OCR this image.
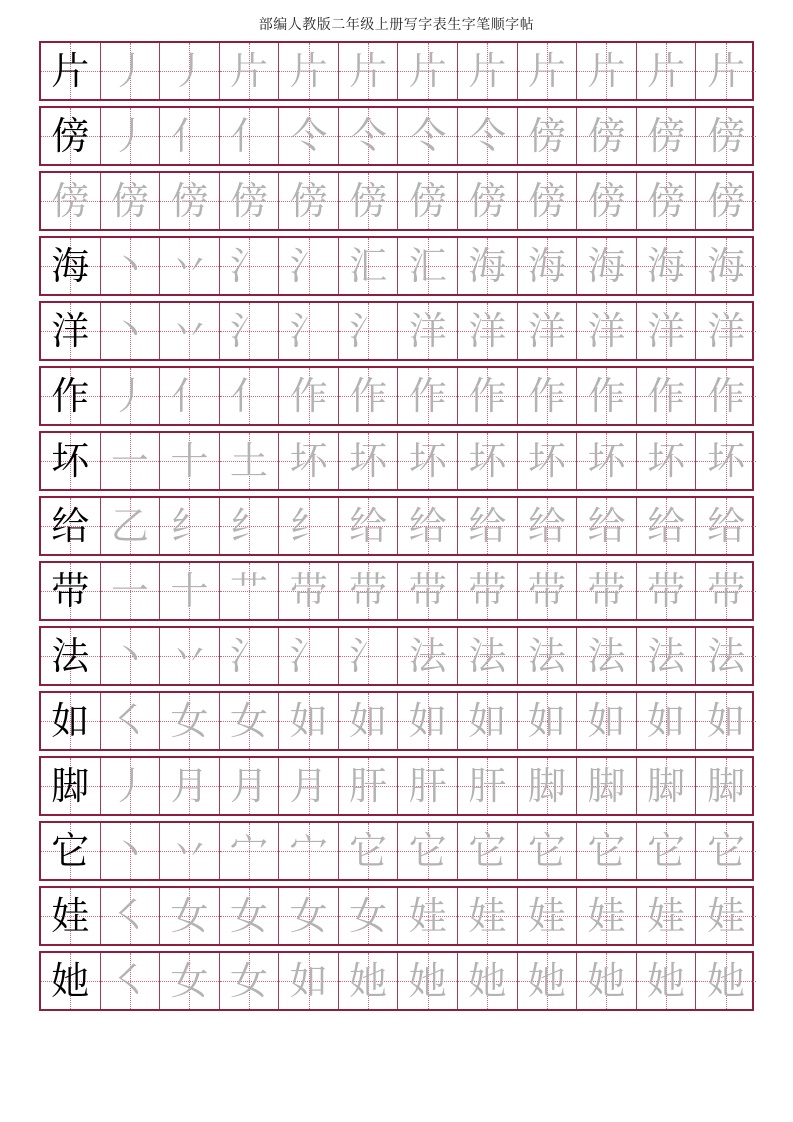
部编人教版二年级上册写字表生字笔顺字帖
片 丿 丿 片 片 片 片 片 片 片 片 片
傍 丿 亻 亻 仒 仒 仒 仒 傍 傍 傍 傍
傍 傍 傍 傍 傍 傍 傍 傍 傍 傍 傍 傍
海 丶 丷 氵 氵 汇 汇 海 海 海 海 海
洋 丶 丷 氵 氵 氵 洋 洋 洋 洋 洋 洋
作 丿 亻 亻 作 作 作 作 作 作 作 作
坏 一 十 土 坏 坏 坏 坏 坏 坏 坏 坏
给 乙 纟 纟 纟 给 给 给 给 给 给 给
带 一 十 艹 带 带 带 带 带 带 带 带
法 丶 丷 氵 氵 氵 法 法 法 法 法 法
如 ㇛ 女 女 如 如 如 如 如 如 如 如
脚 丿 月 月 月 肝 肝 肝 脚 脚 脚 脚
它 丶 丷 宀 宀 它 它 它 它 它 它 它
娃 ㇛ 女 女 女 女 娃 娃 娃 娃 娃 娃
她 ㇛ 女 女 如 她 她 她 她 她 她 她
